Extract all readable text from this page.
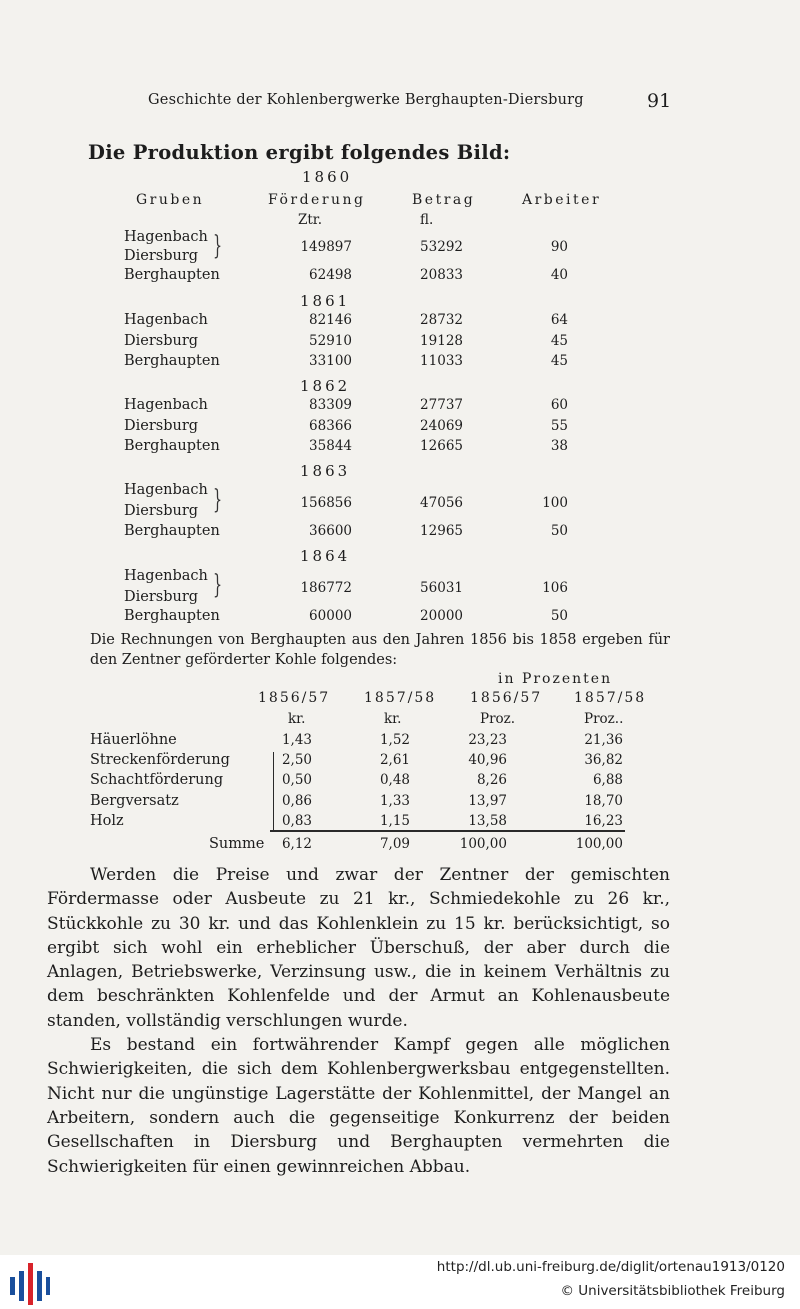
Geschichte der Kohlenbergwerke Berghaupten-Diersburg	91
Die Produktion ergibt folgendes Bild:
1860
Gruben	Förderung	Betrag	Arbeiter
Ztr.	fl.
Hagenbach
Diersburg }	149897	53292	90
Berghaupten	62498	20833	40
1861
Hagenbach	82146	28732	64
Diersburg	52910	19128	45
Berghaupten	33100	11033	45
1862
Hagenbach	83309	27737	60
Diersburg	68366	24069	55
Berghaupten	35844	12665	38
1863
Hagenbach
Diersburg }	156856	47056	100
Berghaupten	36600	12965	50
1864
Hagenbach
Diersburg }	186772	56031	106
Berghaupten	60000	20000	50
Die Rechnungen von Berghaupten aus den Jahren 1856 bis 1858 ergeben für den Zentner geförderter Kohle folgendes:
in Prozenten
1856/57 1857/58 1856/57 1857/58
kr.	kr.	Proz.	Proz..
Häuerlöhne	1,43	1,52	23,23	21,36
Streckenförderung	2,50	2,61	40,96	36,82
Schachtförderung	0,50	0,48	8,26	6,88
Bergversatz	0,86	1,33	13,97	18,70
Holz	0,83	1,15	13,58	16,23
Summe 6,12	7,09	100,00	100,00

Werden die Preise und zwar der Zentner der gemischten Fördermasse oder Ausbeute zu 21 kr., Schmiedekohle zu 26 kr., Stückkohle zu 30 kr. und das Kohlenklein zu 15 kr. berücksichtigt, so ergibt sich wohl ein erheblicher Überschuß, der aber durch die Anlagen, Betriebswerke, Verzinsung usw., die in keinem Verhältnis zu dem beschränkten Kohlenfelde und der Armut an Kohlenausbeute standen, vollständig verschlungen wurde.

Es bestand ein fortwährender Kampf gegen alle möglichen Schwierigkeiten, die sich dem Kohlenbergwerksbau entgegenstellten. Nicht nur die ungünstige Lagerstätte der Kohlenmittel, der Mangel an Arbeitern, sondern auch die gegenseitige Konkurrenz der beiden Gesellschaften in Diersburg und Berghaupten vermehrten die Schwierigkeiten für einen gewinnreichen Abbau.

http://dl.ub.uni-freiburg.de/diglit/ortenau1913/0120
© Universitätsbibliothek Freiburg
